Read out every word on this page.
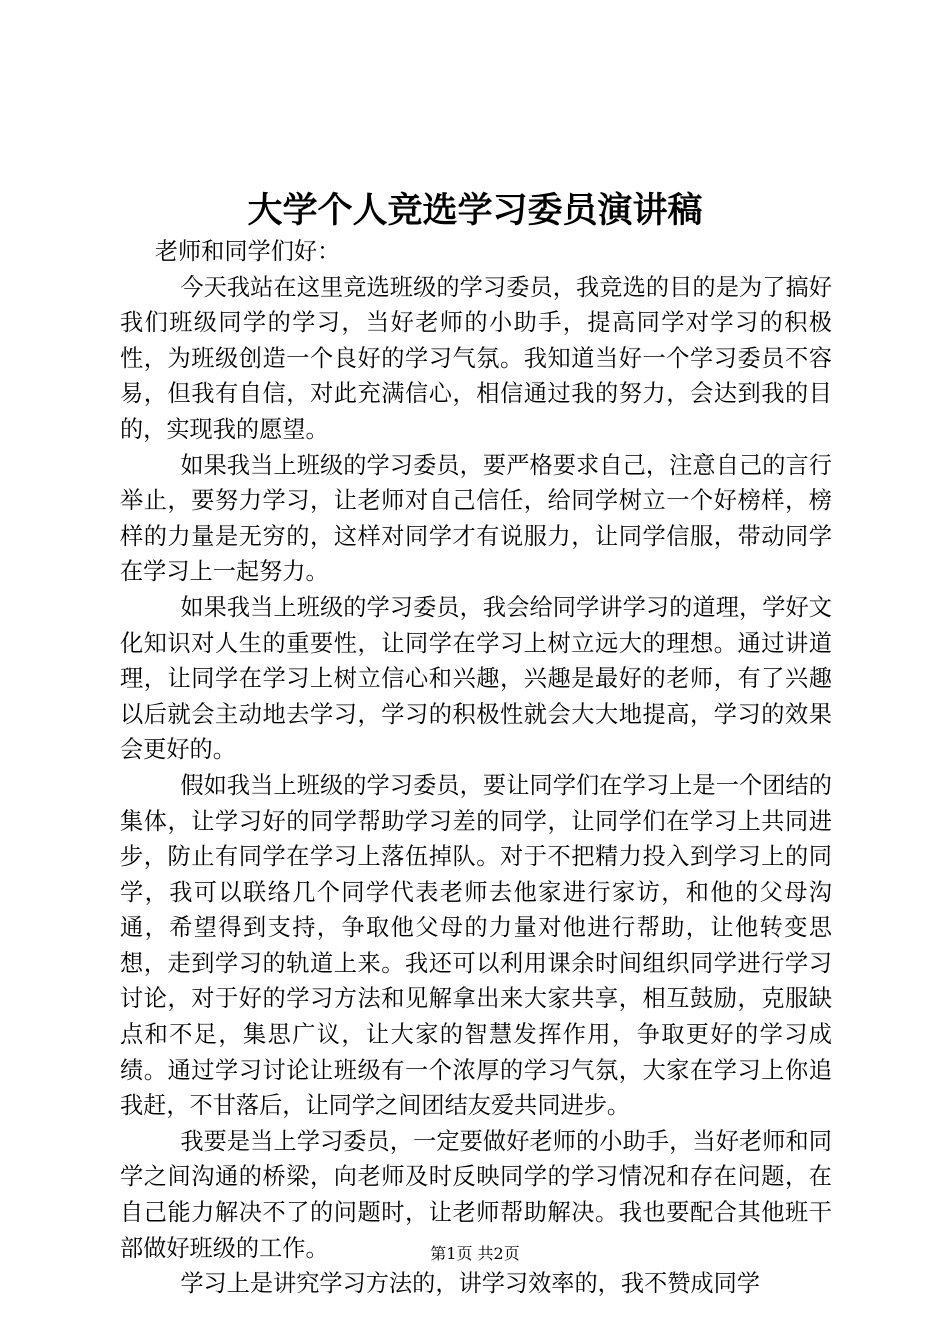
大学个人竞选学习委员演讲稿

老师和同学们好：

今天我站在这里竞选班级的学习委员，我竞选的目的是为了搞好我们班级同学的学习，当好老师的小助手，提高同学对学习的积极性，为班级创造一个良好的学习气氛。我知道当好一个学习委员不容易，但我有自信，对此充满信心，相信通过我的努力，会达到我的目的，实现我的愿望。

如果我当上班级的学习委员，要严格要求自己，注意自己的言行举止，要努力学习，让老师对自己信任，给同学树立一个好榜样，榜样的力量是无穷的，这样对同学才有说服力，让同学信服，带动同学在学习上一起努力。

如果我当上班级的学习委员，我会给同学讲学习的道理，学好文化知识对人生的重要性，让同学在学习上树立远大的理想。通过讲道理，让同学在学习上树立信心和兴趣，兴趣是最好的老师，有了兴趣以后就会主动地去学习，学习的积极性就会大大地提高，学习的效果会更好的。

假如我当上班级的学习委员，要让同学们在学习上是一个团结的集体，让学习好的同学帮助学习差的同学，让同学们在学习上共同进步，防止有同学在学习上落伍掉队。对于不把精力投入到学习上的同学，我可以联络几个同学代表老师去他家进行家访，和他的父母沟通，希望得到支持，争取他父母的力量对他进行帮助，让他转变思想，走到学习的轨道上来。我还可以利用课余时间组织同学进行学习讨论，对于好的学习方法和见解拿出来大家共享，相互鼓励，克服缺点和不足，集思广议，让大家的智慧发挥作用，争取更好的学习成绩。通过学习讨论让班级有一个浓厚的学习气氛，大家在学习上你追我赶，不甘落后，让同学之间团结友爱共同进步。

我要是当上学习委员，一定要做好老师的小助手，当好老师和同学之间沟通的桥梁，向老师及时反映同学的学习情况和存在问题，在自己能力解决不了的问题时，让老师帮助解决。我也要配合其他班干部做好班级的工作。

学习上是讲究学习方法的，讲学习效率的，我不赞成同学

第1页 共2页
